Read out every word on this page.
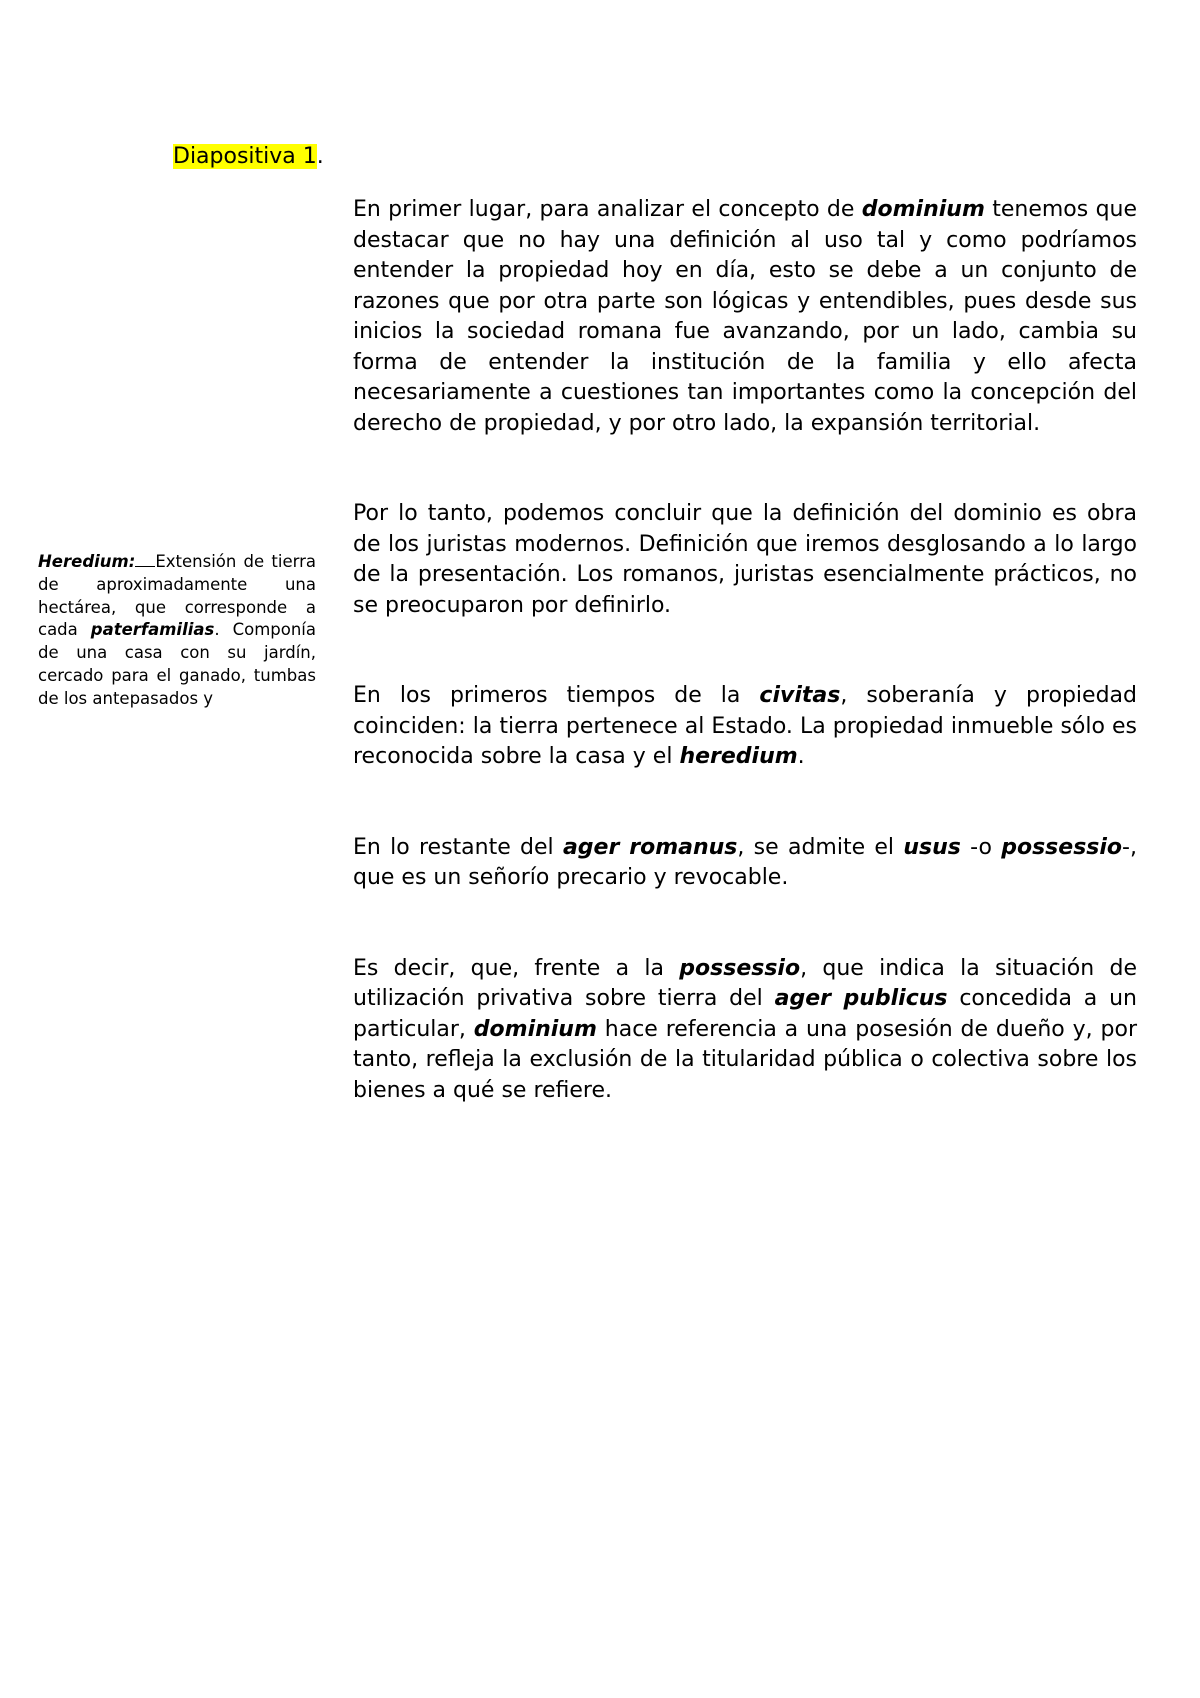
Diapositiva 1.

Heredium: Extensión de tierra de aproximadamente una hectárea, que corresponde a cada paterfamilias. Componía de una casa con su jardín, cercado para el ganado, tumbas de los antepasados y

En primer lugar, para analizar el concepto de dominium tenemos que destacar que no hay una definición al uso tal y como podríamos entender la propiedad hoy en día, esto se debe a un conjunto de razones que por otra parte son lógicas y entendibles, pues desde sus inicios la sociedad romana fue avanzando, por un lado, cambia su forma de entender la institución de la familia y ello afecta necesariamente a cuestiones tan importantes como la concepción del derecho de propiedad, y por otro lado, la expansión territorial.

Por lo tanto, podemos concluir que la definición del dominio es obra de los juristas modernos. Definición que iremos desglosando a lo largo de la presentación. Los romanos, juristas esencialmente prácticos, no se preocuparon por definirlo.

En los primeros tiempos de la civitas, soberanía y propiedad coinciden: la tierra pertenece al Estado. La propiedad inmueble sólo es reconocida sobre la casa y el heredium.

En lo restante del ager romanus, se admite el usus -o possessio-, que es un señorío precario y revocable.

Es decir, que, frente a la possessio, que indica la situación de utilización privativa sobre tierra del ager publicus concedida a un particular, dominium hace referencia a una posesión de dueño y, por tanto, refleja la exclusión de la titularidad pública o colectiva sobre los bienes a qué se refiere.
